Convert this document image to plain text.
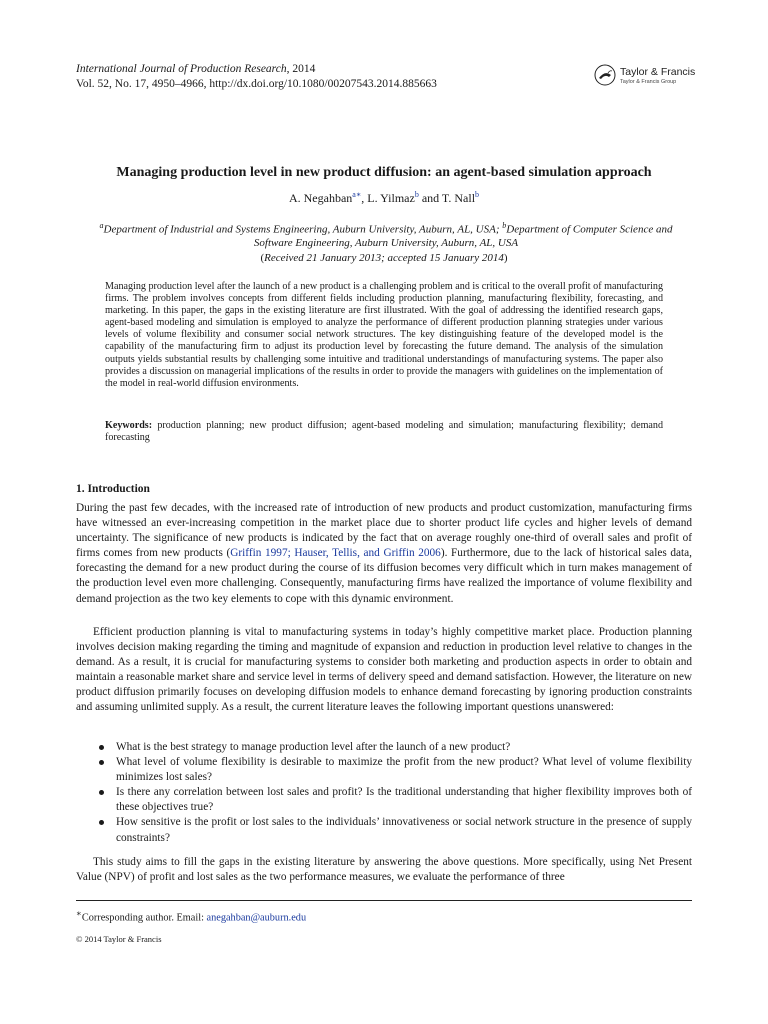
International Journal of Production Research, 2014
Vol. 52, No. 17, 4950–4966, http://dx.doi.org/10.1080/00207543.2014.885663
Taylor & Francis
Taylor & Francis Group
Managing production level in new product diffusion: an agent-based simulation approach
A. Negahban$^{a∗}$, L. Yilmaz$^b$ and T. Nall$^b$
$^a$Department of Industrial and Systems Engineering, Auburn University, Auburn, AL, USA; $^b$Department of Computer Science and Software Engineering, Auburn University, Auburn, AL, USA
(Received 21 January 2013; accepted 15 January 2014)

Managing production level after the launch of a new product is a challenging problem and is critical to the overall profit of manufacturing firms. The problem involves concepts from different fields including production planning, manufacturing flexibility, forecasting, and marketing. In this paper, the gaps in the existing literature are first illustrated. With the goal of addressing the identified research gaps, agent-based modeling and simulation is employed to analyze the performance of different production planning strategies under various levels of volume flexibility and consumer social network structures. The key distinguishing feature of the developed model is the capability of the manufacturing firm to adjust its production level by forecasting the future demand. The analysis of the simulation outputs yields substantial results by challenging some intuitive and traditional understandings of manufacturing systems. The paper also provides a discussion on managerial implications of the results in order to provide the managers with guidelines on the implementation of the model in real-world diffusion environments.

Keywords: production planning; new product diffusion; agent-based modeling and simulation; manufacturing flexibility; demand forecasting

1. Introduction

During the past few decades, with the increased rate of introduction of new products and product customization, manufacturing firms have witnessed an ever-increasing competition in the market place due to shorter product life cycles and higher levels of demand uncertainty. The significance of new products is indicated by the fact that on average roughly one-third of overall sales and profit of firms comes from new products (Griffin 1997; Hauser, Tellis, and Griffin 2006). Furthermore, due to the lack of historical sales data, forecasting the demand for a new product during the course of its diffusion becomes very difficult which in turn makes management of the production level even more challenging. Consequently, manufacturing firms have realized the importance of volume flexibility and demand projection as the two key elements to cope with this dynamic environment.

Efficient production planning is vital to manufacturing systems in today’s highly competitive market place. Production planning involves decision making regarding the timing and magnitude of expansion and reduction in production level relative to changes in the demand. As a result, it is crucial for manufacturing systems to consider both marketing and production aspects in order to obtain and maintain a reasonable market share and service level in terms of delivery speed and demand satisfaction. However, the literature on new product diffusion primarily focuses on developing diffusion models to enhance demand forecasting by ignoring production constraints and assuming unlimited supply. As a result, the current literature leaves the following important questions unanswered:

What is the best strategy to manage production level after the launch of a new product?
What level of volume flexibility is desirable to maximize the profit from the new product? What level of volume flexibility minimizes lost sales?
Is there any correlation between lost sales and profit? Is the traditional understanding that higher flexibility improves both of these objectives true?
How sensitive is the profit or lost sales to the individuals’ innovativeness or social network structure in the presence of supply constraints?

This study aims to fill the gaps in the existing literature by answering the above questions. More specifically, using Net Present Value (NPV) of profit and lost sales as the two performance measures, we evaluate the performance of three

∗Corresponding author. Email: anegahban@auburn.edu
© 2014 Taylor & Francis
